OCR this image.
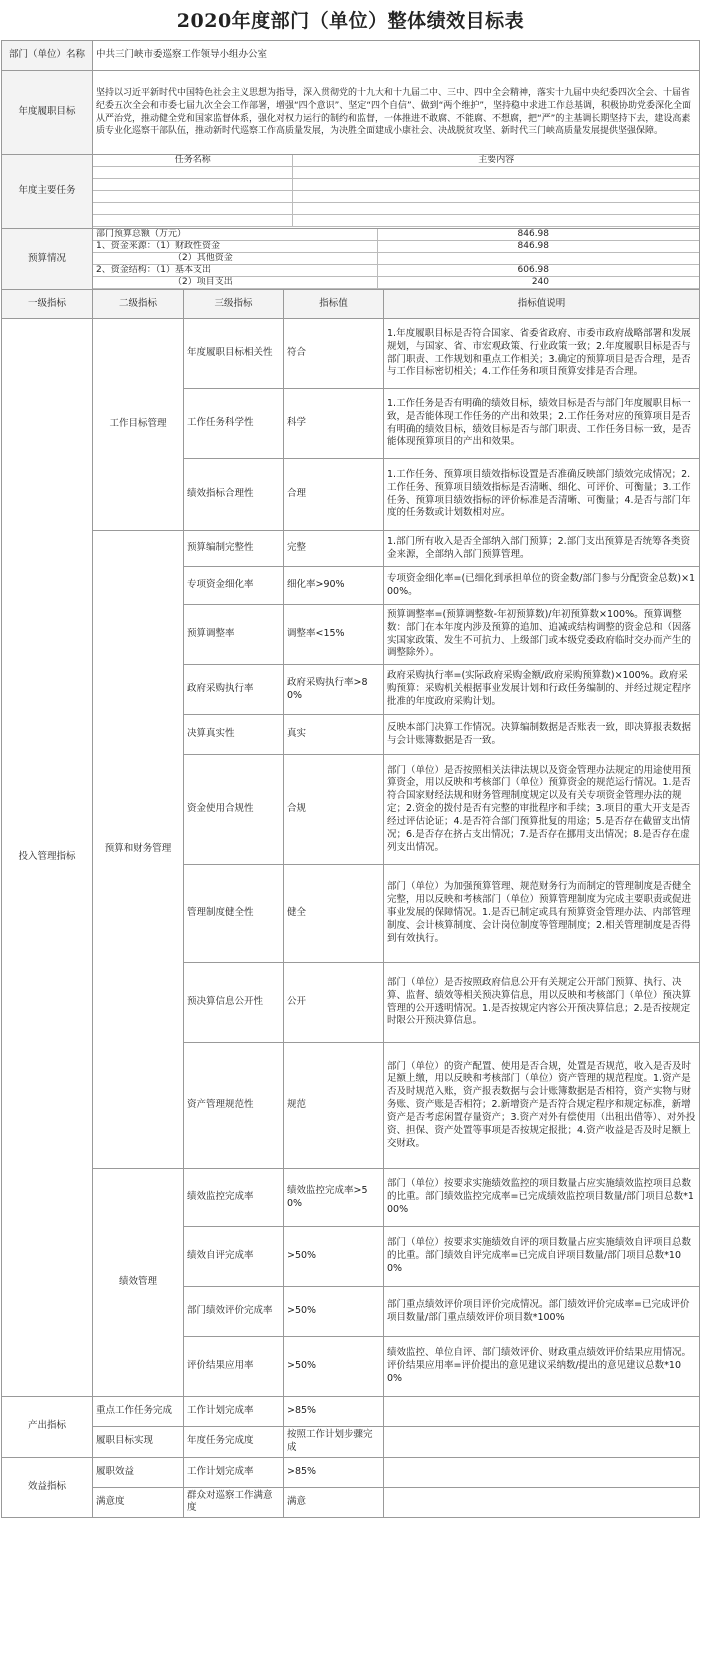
2020年度部门（单位）整体绩效目标表
部门（单位）名称	中共三门峡市委巡察工作领导小组办公室
年度履职目标	坚持以习近平新时代中国特色社会主义思想为指导，深入贯彻党的十九大和十九届二中、三中、四中全会精神，落实十九届中央纪委四次全会、十届省纪委五次全会和市委七届九次全会工作部署，增强“四个意识”、坚定“四个自信”、做到“两个维护”，坚持稳中求进工作总基调，积极协助党委深化全面从严治党，推动健全党和国家监督体系，强化对权力运行的制约和监督，一体推进不敢腐、不能腐、不想腐，把“严”的主基调长期坚持下去，建设高素质专业化巡察干部队伍，推动新时代巡察工作高质量发展，为决胜全面建成小康社会、决战脱贫攻坚、新时代三门峡高质量发展提供坚强保障。
年度主要任务	
任务名称	主要内容

预算情况	
部门预算总额（万元）	846.98
1、资金来源：（1）财政性资金	846.98
（2）其他资金	
2、资金结构：（1）基本支出	606.98
（2）项目支出	240

一级指标	二级指标	三级指标	指标值	指标值说明
投入管理指标	工作目标管理	年度履职目标相关性	符合	1.年度履职目标是否符合国家、省委省政府、市委市政府战略部署和发展规划，与国家、省、市宏观政策、行业政策一致；2.年度履职目标是否与部门职责、工作规划和重点工作相关；3.确定的预算项目是否合理，是否与工作目标密切相关；4.工作任务和项目预算安排是否合理。
工作任务科学性	科学	1.工作任务是否有明确的绩效目标，绩效目标是否与部门年度履职目标一致，是否能体现工作任务的产出和效果；2.工作任务对应的预算项目是否有明确的绩效目标，绩效目标是否与部门职责、工作任务目标一致，是否能体现预算项目的产出和效果。
绩效指标合理性	合理	1.工作任务、预算项目绩效指标设置是否准确反映部门绩效完成情况；2.工作任务、预算项目绩效指标是否清晰、细化、可评价、可衡量；3.工作任务、预算项目绩效指标的评价标准是否清晰、可衡量；4.是否与部门年度的任务数或计划数相对应。
预算和财务管理	预算编制完整性	完整	1.部门所有收入是否全部纳入部门预算；2.部门支出预算是否统筹各类资金来源，全部纳入部门预算管理。
专项资金细化率	细化率>90%	专项资金细化率=(已细化到承担单位的资金数/部门参与分配资金总数)×100%。
预算调整率	调整率<15%	预算调整率=(预算调整数-年初预算数)/年初预算数×100%。预算调整数：部门在本年度内涉及预算的追加、追减或结构调整的资金总和（因落实国家政策、发生不可抗力、上级部门或本级党委政府临时交办而产生的调整除外）。
政府采购执行率	政府采购执行率>80%	政府采购执行率=(实际政府采购金额/政府采购预算数)×100%。政府采购预算：采购机关根据事业发展计划和行政任务编制的、并经过规定程序批准的年度政府采购计划。
决算真实性	真实	反映本部门决算工作情况。决算编制数据是否账表一致，即决算报表数据与会计账簿数据是否一致。
资金使用合规性	合规	部门（单位）是否按照相关法律法规以及资金管理办法规定的用途使用预算资金，用以反映和考核部门（单位）预算资金的规范运行情况。1.是否符合国家财经法规和财务管理制度规定以及有关专项资金管理办法的规定；2.资金的拨付是否有完整的审批程序和手续；3.项目的重大开支是否经过评估论证；4.是否符合部门预算批复的用途；5.是否存在截留支出情况；6.是否存在挤占支出情况；7.是否存在挪用支出情况；8.是否存在虚列支出情况。
管理制度健全性	健全	部门（单位）为加强预算管理、规范财务行为而制定的管理制度是否健全完整，用以反映和考核部门（单位）预算管理制度为完成主要职责或促进事业发展的保障情况。1.是否已制定或具有预算资金管理办法、内部管理制度、会计核算制度、会计岗位制度等管理制度；2.相关管理制度是否得到有效执行。
预决算信息公开性	公开	部门（单位）是否按照政府信息公开有关规定公开部门预算、执行、决算、监督、绩效等相关预决算信息，用以反映和考核部门（单位）预决算管理的公开透明情况。1.是否按规定内容公开预决算信息；2.是否按规定时限公开预决算信息。
资产管理规范性	规范	部门（单位）的资产配置、使用是否合规，处置是否规范，收入是否及时足额上缴，用以反映和考核部门（单位）资产管理的规范程度。1.资产是否及时规范入账，资产报表数据与会计账簿数据是否相符，资产实物与财务账、资产账是否相符；2.新增资产是否符合规定程序和规定标准，新增资产是否考虑闲置存量资产；3.资产对外有偿使用（出租出借等）、对外投资、担保、资产处置等事项是否按规定报批；4.资产收益是否及时足额上交财政。
绩效管理	绩效监控完成率	绩效监控完成率>50%	部门（单位）按要求实施绩效监控的项目数量占应实施绩效监控项目总数的比重。部门绩效监控完成率=已完成绩效监控项目数量/部门项目总数*100%
绩效自评完成率	>50%	部门（单位）按要求实施绩效自评的项目数量占应实施绩效自评项目总数的比重。部门绩效自评完成率=已完成自评项目数量/部门项目总数*100%
部门绩效评价完成率	>50%	部门重点绩效评价项目评价完成情况。部门绩效评价完成率=已完成评价项目数量/部门重点绩效评价项目数*100%
评价结果应用率	>50%	绩效监控、单位自评、部门绩效评价、财政重点绩效评价结果应用情况。评价结果应用率=评价提出的意见建议采纳数/提出的意见建议总数*100%
产出指标	重点工作任务完成	工作计划完成率	>85%	
履职目标实现	年度任务完成度	按照工作计划步骤完成	
效益指标	履职效益	工作计划完成率	>85%	
满意度	群众对巡察工作满意度	满意	
